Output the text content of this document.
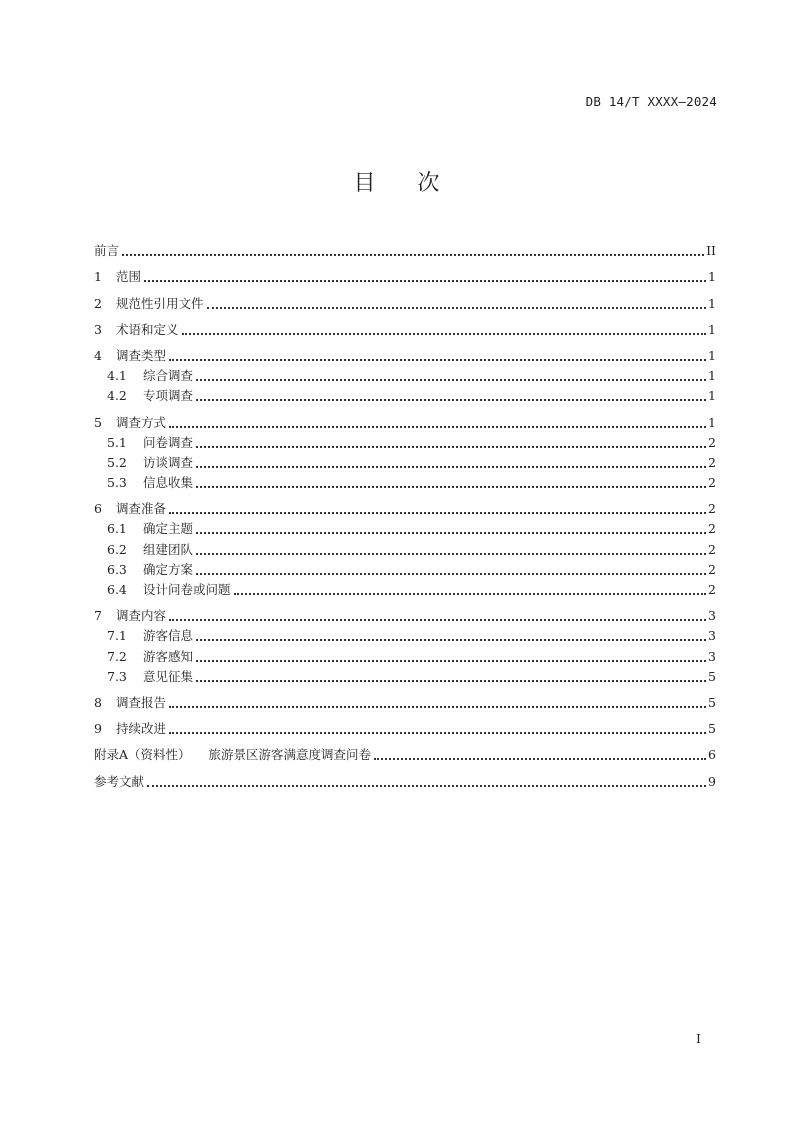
DB 14/T XXXX—2024
目次
前言	II
1	范围	1
2	规范性引用文件	1
3	术语和定义	1
4	调查类型	1
4.1	综合调查	1
4.2	专项调查	1
5	调查方式	1
5.1	问卷调查	2
5.2	访谈调查	2
5.3	信息收集	2
6	调查准备	2
6.1	确定主题	2
6.2	组建团队	2
6.3	确定方案	2
6.4	设计问卷或问题	2
7	调查内容	3
7.1	游客信息	3
7.2	游客感知	3
7.3	意见征集	5
8	调查报告	5
9	持续改进	5
附录A （资料性） 旅游景区游客满意度调查问卷	6
参考文献	9
I
